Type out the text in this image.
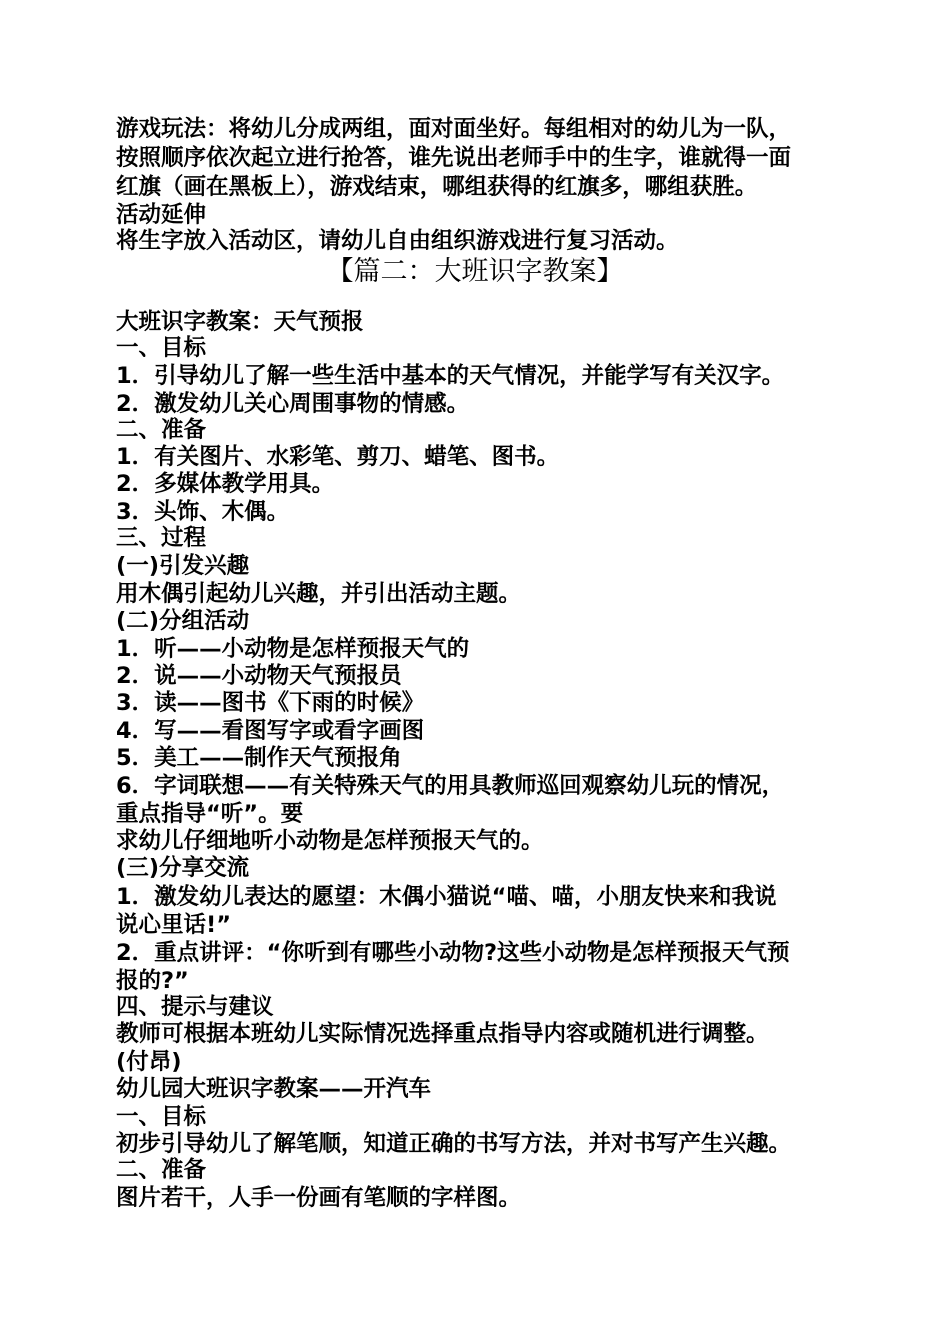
游戏玩法：将幼儿分成两组，面对面坐好。每组相对的幼儿为一队，
按照顺序依次起立进行抢答，谁先说出老师手中的生字，谁就得一面
红旗（画在黑板上），游戏结束，哪组获得的红旗多，哪组获胜。
活动延伸
将生字放入活动区，请幼儿自由组织游戏进行复习活动。
【篇二：大班识字教案】
大班识字教案：天气预报
一、目标
1．引导幼儿了解一些生活中基本的天气情况，并能学写有关汉字。
2．激发幼儿关心周围事物的情感。
二、准备
1．有关图片、水彩笔、剪刀、蜡笔、图书。
2．多媒体教学用具。
3．头饰、木偶。
三、过程
(一)引发兴趣
用木偶引起幼儿兴趣，并引出活动主题。
(二)分组活动
1．听——小动物是怎样预报天气的
2．说——小动物天气预报员
3．读——图书《下雨的时候》
4．写——看图写字或看字画图
5．美工——制作天气预报角
6．字词联想——有关特殊天气的用具教师巡回观察幼儿玩的情况，
重点指导“听”。要
求幼儿仔细地听小动物是怎样预报天气的。
(三)分享交流
1．激发幼儿表达的愿望：木偶小猫说“喵、喵，小朋友快来和我说
说心里话!”
2．重点讲评：“你听到有哪些小动物?这些小动物是怎样预报天气预
报的?”
四、提示与建议
教师可根据本班幼儿实际情况选择重点指导内容或随机进行调整。
(付昂)
幼儿园大班识字教案——开汽车
一、目标
初步引导幼儿了解笔顺，知道正确的书写方法，并对书写产生兴趣。
二、准备
图片若干，人手一份画有笔顺的字样图。
